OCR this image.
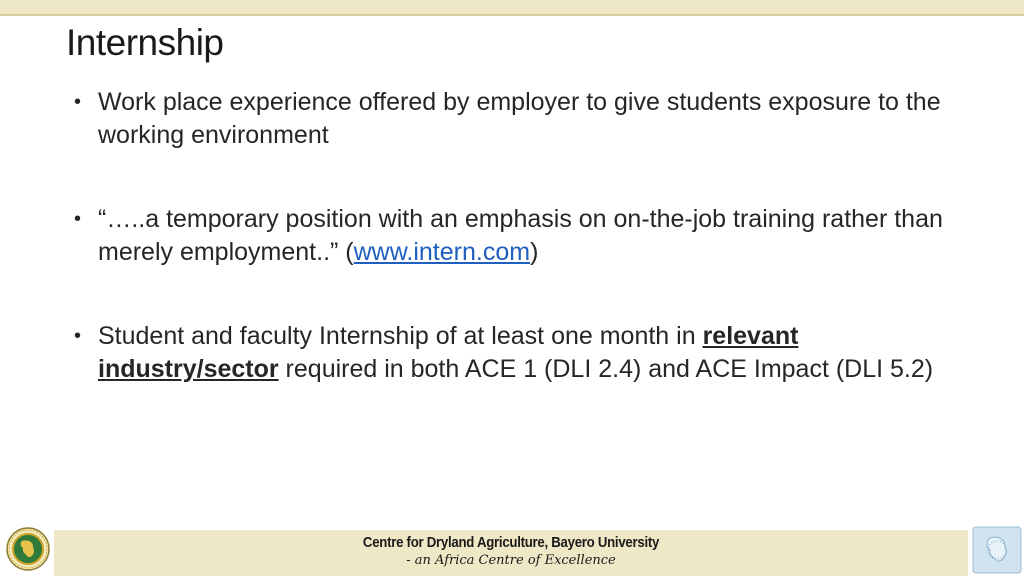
Internship
• Work place experience offered by employer to give students exposure to the working environment
• “…..a temporary position with an emphasis on on-the-job training rather than merely employment..” (www.intern.com)
• Student and faculty Internship of at least one month in relevant industry/sector required in both ACE 1 (DLI 2.4) and ACE Impact (DLI 5.2)
Centre for Dryland Agriculture, Bayero University
- an Africa Centre of Excellence
